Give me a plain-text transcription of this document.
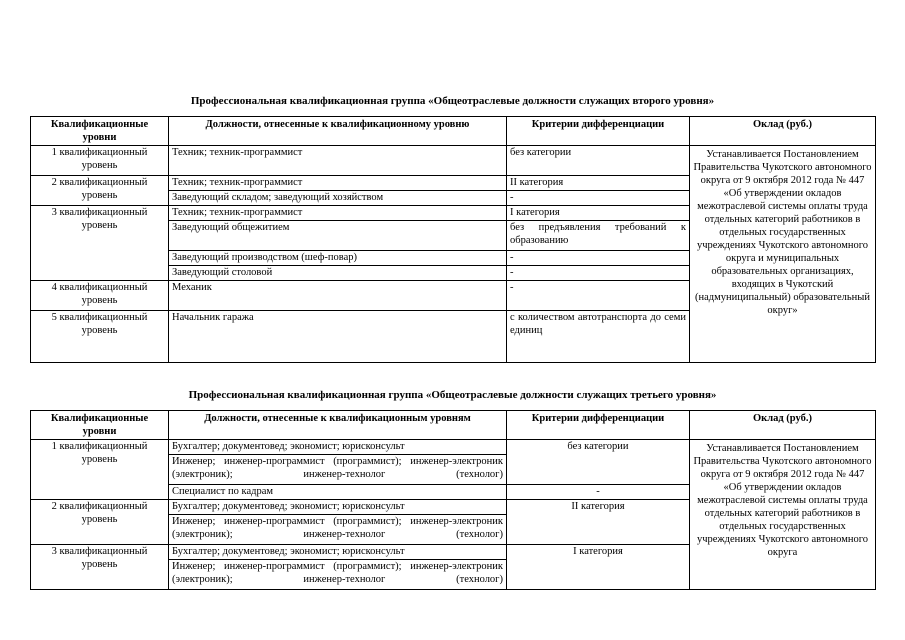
Профессиональная квалификационная группа «Общеотраслевые должности служащих второго уровня»
Квалификационные уровни	Должности, отнесенные к квалификационному уровню	Критерии дифференциации	Оклад (руб.)
1 квалификационный уровень	Техник; техник-программист	без категории	Устанавливается Постановлением Правительства Чукотского автономного округа от 9 октября 2012 года № 447 «Об утверждении окладов межотраслевой системы оплаты труда отдельных категорий работников в отдельных государственных учреждениях Чукотского автономного округа и муниципальных образовательных организациях, входящих в Чукотский (надмуниципальный) образовательный округ»
2 квалификационный уровень	Техник; техник-программист	II категория	
	Заведующий складом; заведующий хозяйством	-	
3 квалификационный уровень	Техник; техник-программист	I категория	
	Заведующий общежитием	без предъявления требований к образованию	
	Заведующий производством (шеф-повар)	-	
	Заведующий столовой	-	
4 квалификационный уровень	Механик	-	
5 квалификационный уровень	Начальник гаража	с количеством автотранспорта до семи единиц	
Профессиональная квалификационная группа «Общеотраслевые должности служащих третьего уровня»
Квалификационные уровни	Должности, отнесенные к квалификационным уровням	Критерии дифференциации	Оклад (руб.)
1 квалификационный уровень	Бухгалтер; документовед; экономист; юрисконсульт	без категории	Устанавливается Постановлением Правительства Чукотского автономного округа от 9 октября 2012 года № 447 «Об утверждении окладов межотраслевой системы оплаты труда отдельных категорий работников в отдельных государственных учреждениях Чукотского автономного округа
	Инженер; инженер-программист (программист); инженер-электроник (электроник); инженер-технолог (технолог)		
	Специалист по кадрам	-	
2 квалификационный уровень	Бухгалтер; документовед; экономист; юрисконсульт	II категория	
	Инженер; инженер-программист (программист); инженер-электроник (электроник); инженер-технолог (технолог)		
3 квалификационный уровень	Бухгалтер; документовед; экономист; юрисконсульт	I категория	
	Инженер; инженер-программист (программист); инженер-электроник (электроник); инженер-технолог (технолог)		
